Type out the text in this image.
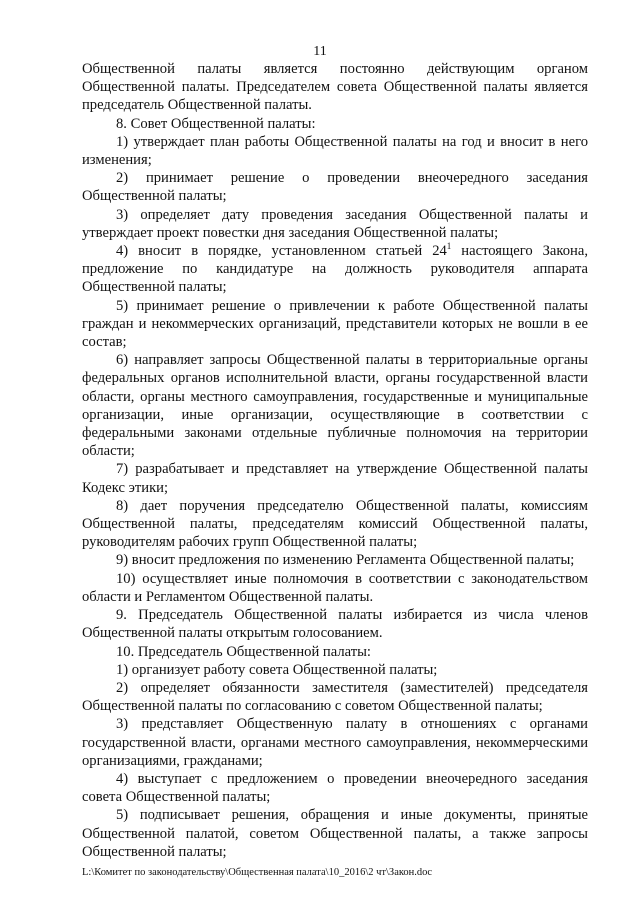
11

Общественной палаты является постоянно действующим органом Общественной палаты. Председателем совета Общественной палаты является председатель Общественной палаты.

8. Совет Общественной палаты:

1) утверждает план работы Общественной палаты на год и вносит в него изменения;

2) принимает решение о проведении внеочередного заседания Общественной палаты;

3) определяет дату проведения заседания Общественной палаты и утверждает проект повестки дня заседания Общественной палаты;

4) вносит в порядке, установленном статьей $24^1$ настоящего Закона, предложение по кандидатуре на должность руководителя аппарата Общественной палаты;

5) принимает решение о привлечении к работе Общественной палаты граждан и некоммерческих организаций, представители которых не вошли в ее состав;

6) направляет запросы Общественной палаты в территориальные органы федеральных органов исполнительной власти, органы государственной власти области, органы местного самоуправления, государственные и муниципальные организации, иные организации, осуществляющие в соответствии с федеральными законами отдельные публичные полномочия на территории области;

7) разрабатывает и представляет на утверждение Общественной палаты Кодекс этики;

8) дает поручения председателю Общественной палаты, комиссиям Общественной палаты, председателям комиссий Общественной палаты, руководителям рабочих групп Общественной палаты;

9) вносит предложения по изменению Регламента Общественной палаты;

10) осуществляет иные полномочия в соответствии с законодательством области и Регламентом Общественной палаты.

9. Председатель Общественной палаты избирается из числа членов Общественной палаты открытым голосованием.

10. Председатель Общественной палаты:

1) организует работу совета Общественной палаты;

2) определяет обязанности заместителя (заместителей) председателя Общественной палаты по согласованию с советом Общественной палаты;

3) представляет Общественную палату в отношениях с органами государственной власти, органами местного самоуправления, некоммерческими организациями, гражданами;

4) выступает с предложением о проведении внеочередного заседания совета Общественной палаты;

5) подписывает решения, обращения и иные документы, принятые Общественной палатой, советом Общественной палаты, а также запросы Общественной палаты;

L:\Комитет по законодательству\Общественная палата\10_2016\2 чт\Закон.doc
